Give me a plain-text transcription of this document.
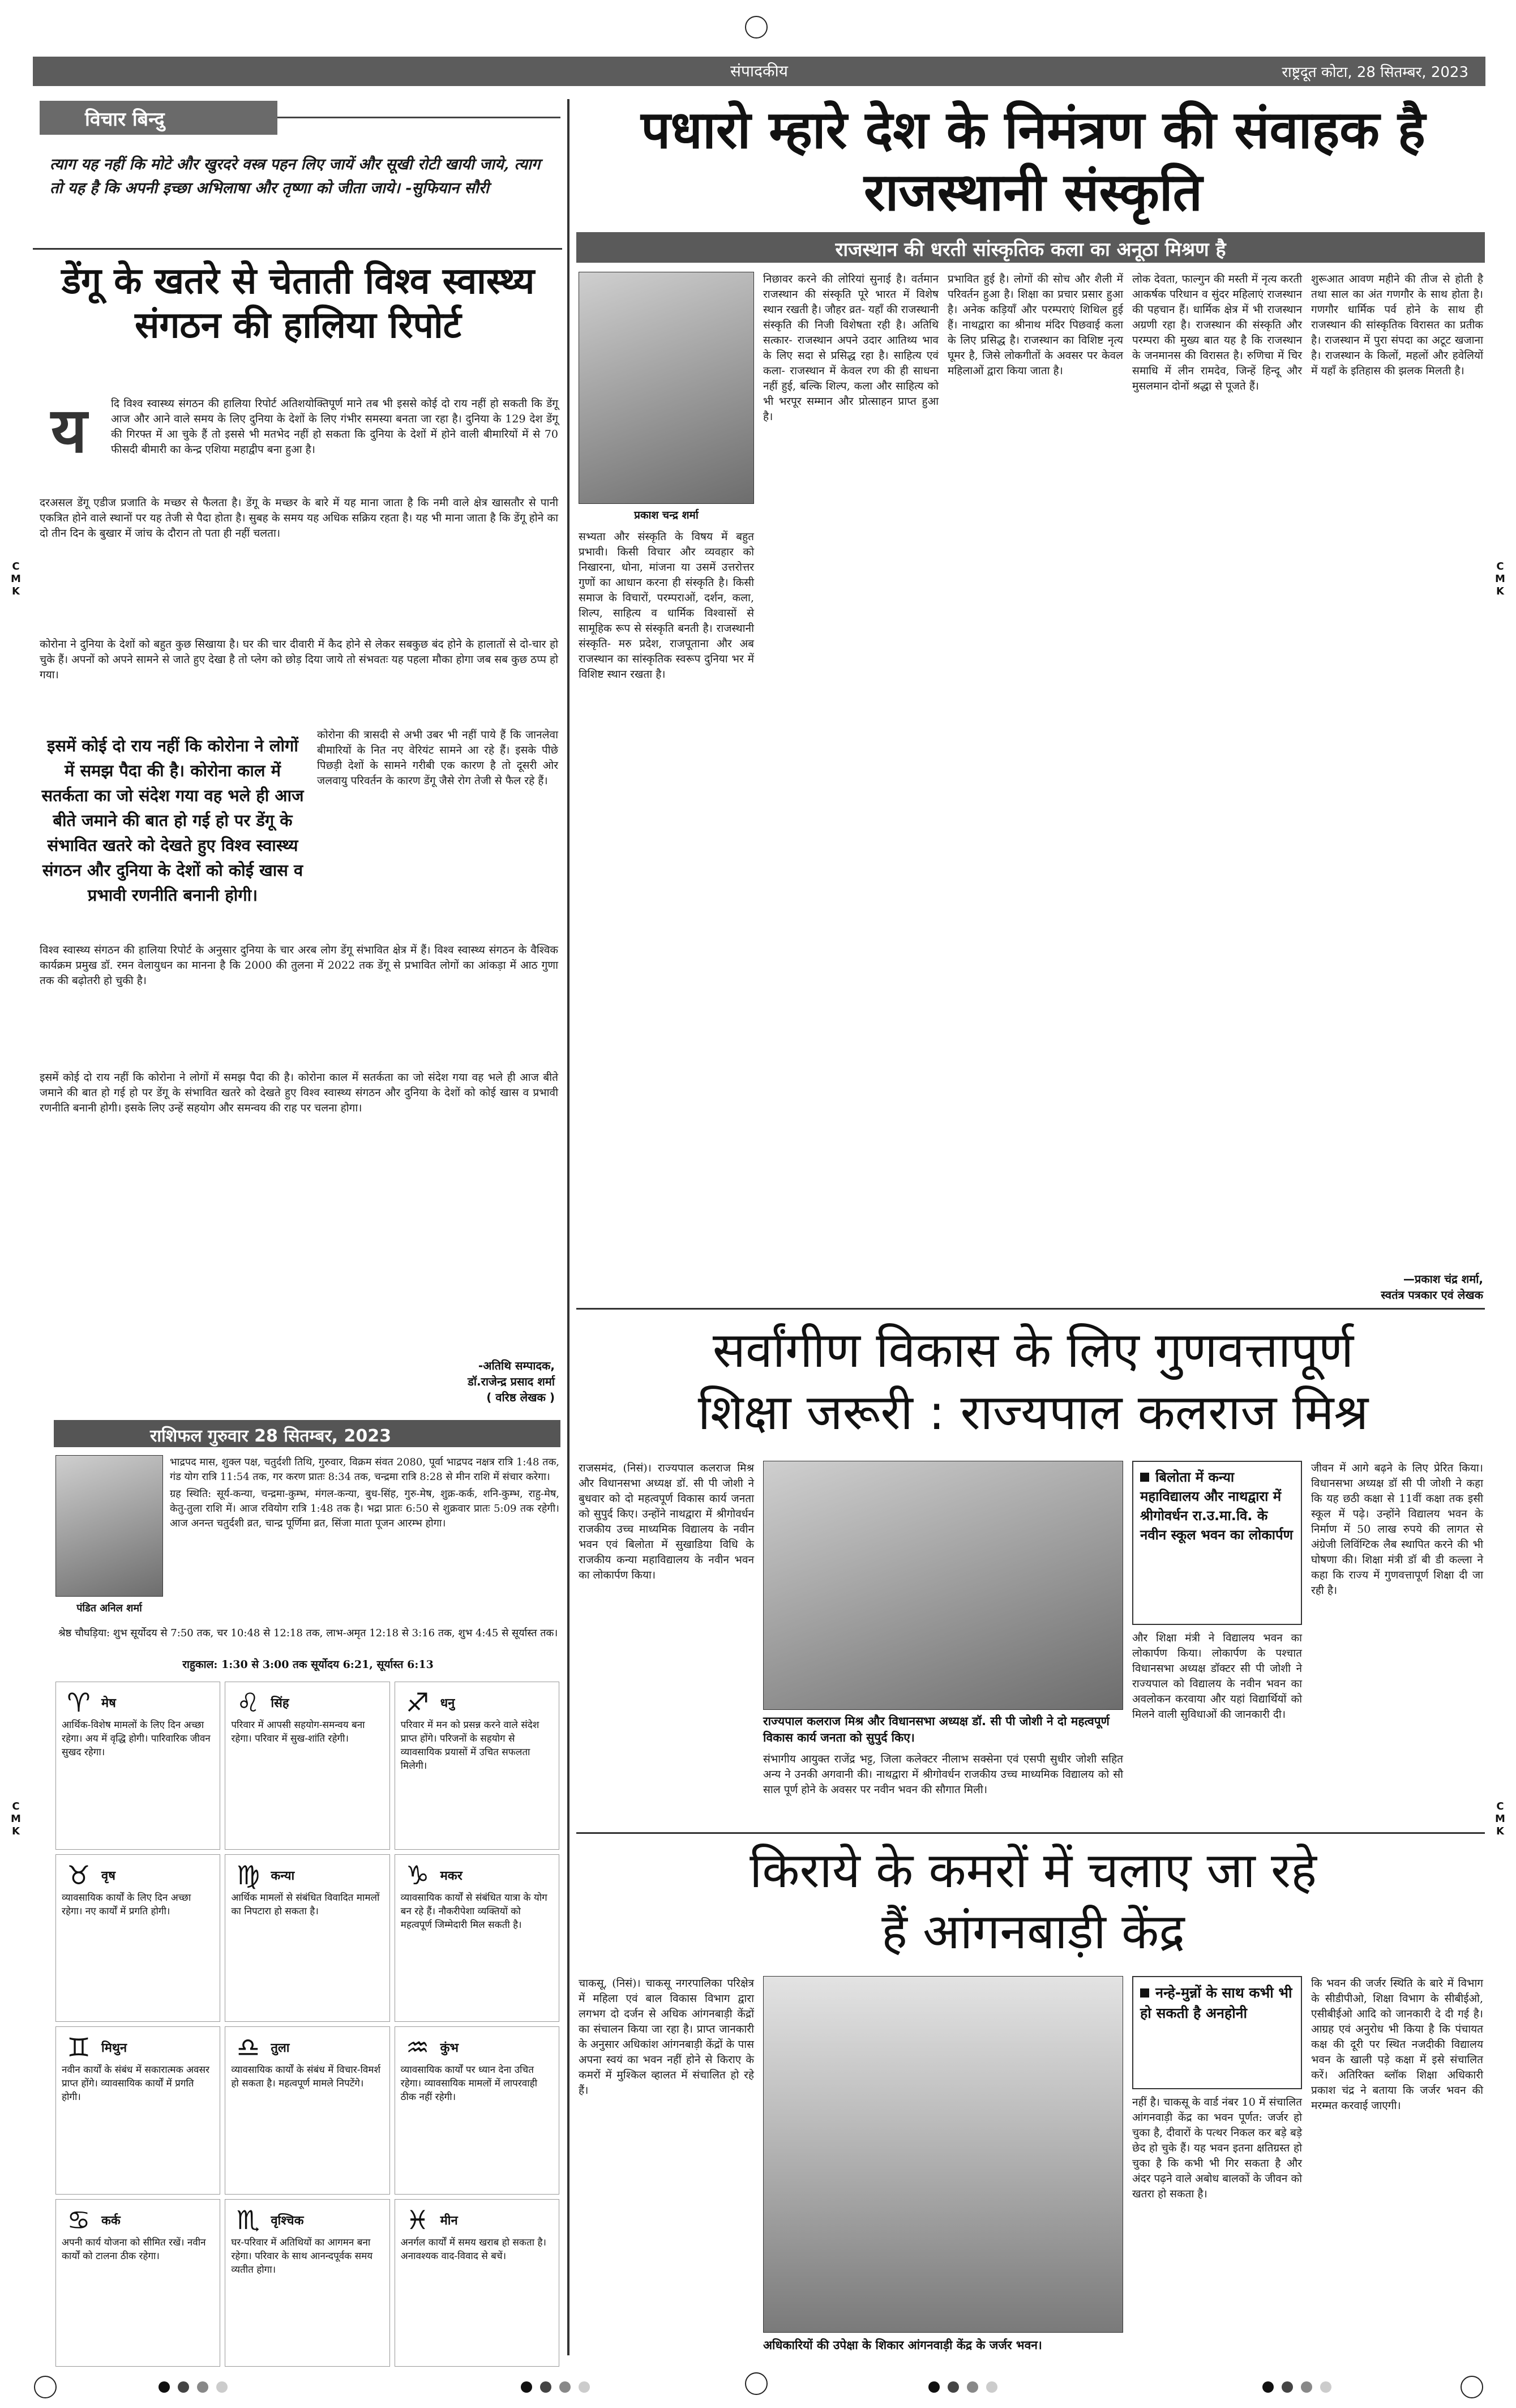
संपादकीय	राष्ट्रदूत कोटा, 28 सितम्बर, 2023
C
M
K
C
M
K
C
M
K
C
M
K
विचार बिन्दु
त्याग यह नहीं कि मोटे और खुरदरे वस्त्र पहन लिए जायें और सूखी रोटी खायी जाये, त्याग तो यह है कि अपनी इच्छा अभिलाषा और तृष्णा को जीता जाये। -सुफियान सौरी
डेंगू के खतरे से चेताती विश्व स्वास्थ्य संगठन की हालिया रिपोर्ट
य	दि विश्व स्वास्थ्य संगठन की हालिया रिपोर्ट अतिशयोक्तिपूर्ण माने तब भी इससे कोई दो राय नहीं हो सकती कि डेंगू आज और आने वाले समय के लिए दुनिया के देशों के लिए गंभीर समस्या बनता जा रहा है। दुनिया के 129 देश डेंगू की गिरफ्त में आ चुके हैं तो इससे भी मतभेद नहीं हो सकता कि दुनिया के देशों में होने वाली बीमारियों में से 70 फीसदी बीमारी का केन्द्र एशिया महाद्वीप बना हुआ है।
दरअसल डेंगू एडीज प्रजाति के मच्छर से फैलता है। डेंगू के मच्छर के बारे में यह माना जाता है कि नमी वाले क्षेत्र खासतौर से पानी एकत्रित होने वाले स्थानों पर यह तेजी से पैदा होता है। सुबह के समय यह अधिक सक्रिय रहता है। यह भी माना जाता है कि डेंगू होने का दो तीन दिन के बुखार में जांच के दौरान तो पता ही नहीं चलता।
कोरोना ने दुनिया के देशों को बहुत कुछ सिखाया है। घर की चार दीवारी में कैद होने से लेकर सबकुछ बंद होने के हालातों से दो-चार हो चुके हैं। अपनों को अपने सामने से जाते हुए देखा है तो प्लेग को छोड़ दिया जाये तो संभवतः यह पहला मौका होगा जब सब कुछ ठप्प हो गया।
इसमें कोई दो राय नहीं कि कोरोना ने लोगों में समझ पैदा की है। कोरोना काल में सतर्कता का जो संदेश गया वह भले ही आज बीते जमाने की बात हो गई हो पर डेंगू के संभावित खतरे को देखते हुए विश्व स्वास्थ्य संगठन और दुनिया के देशों को कोई खास व प्रभावी रणनीति बनानी होगी।
कोरोना की त्रासदी से अभी उबर भी नहीं पाये हैं कि जानलेवा बीमारियों के नित नए वेरियंट सामने आ रहे हैं। इसके पीछे पिछड़ी देशों के सामने गरीबी एक कारण है तो दूसरी ओर जलवायु परिवर्तन के कारण डेंगू जैसे रोग तेजी से फैल रहे हैं।
विश्व स्वास्थ्य संगठन की हालिया रिपोर्ट के अनुसार दुनिया के चार अरब लोग डेंगू संभावित क्षेत्र में हैं। विश्व स्वास्थ्य संगठन के वैश्विक कार्यक्रम प्रमुख डॉ. रमन वेलायुधन का मानना है कि 2000 की तुलना में 2022 तक डेंगू से प्रभावित लोगों का आंकड़ा में आठ गुणा तक की बढ़ोतरी हो चुकी है।
इसमें कोई दो राय नहीं कि कोरोना ने लोगों में समझ पैदा की है। कोरोना काल में सतर्कता का जो संदेश गया वह भले ही आज बीते जमाने की बात हो गई हो पर डेंगू के संभावित खतरे को देखते हुए विश्व स्वास्थ्य संगठन और दुनिया के देशों को कोई खास व प्रभावी रणनीति बनानी होगी। इसके लिए उन्हें सहयोग और समन्वय की राह पर चलना होगा।
-अतिथि सम्पादक,
डॉ.राजेन्द्र प्रसाद शर्मा
( वरिष्ठ लेखक )
राशिफल गुरुवार 28 सितम्बर, 2023
पंडित अनिल शर्मा
भाद्रपद मास, शुक्ल पक्ष, चतुर्दशी तिथि, गुरुवार, विक्रम संवत 2080, पूर्वा भाद्रपद नक्षत्र रात्रि 1:48 तक, गंड योग रात्रि 11:54 तक, गर करण प्रातः 8:34 तक, चन्द्रमा रात्रि 8:28 से मीन राशि में संचार करेगा।
ग्रह स्थिति: सूर्य-कन्या, चन्द्रमा-कुम्भ, मंगल-कन्या, बुध-सिंह, गुरु-मेष, शुक्र-कर्क, शनि-कुम्भ, राहु-मेष, केतु-तुला राशि में। आज रवियोग रात्रि 1:48 तक है। भद्रा प्रातः 6:50 से शुक्रवार प्रातः 5:09 तक रहेगी। आज अनन्त चतुर्दशी व्रत, चान्द्र पूर्णिमा व्रत, सिंजा माता पूजन आरम्भ होगा।
श्रेष्ठ चौघड़िया: शुभ सूर्योदय से 7:50 तक, चर 10:48 से 12:18 तक, लाभ-अमृत 12:18 से 3:16 तक, शुभ 4:45 से सूर्यास्त तक।
राहुकाल: 1:30 से 3:00 तक सूर्योदय 6:21, सूर्यास्त 6:13
♈ मेष
आर्थिक-विशेष मामलों के लिए दिन अच्छा रहेगा। अय में वृद्धि होगी। पारिवारिक जीवन सुखद रहेगा।
♌ सिंह
परिवार में आपसी सहयोग-समन्वय बना रहेगा। परिवार में सुख-शांति रहेगी।
♐ धनु
परिवार में मन को प्रसन्न करने वाले संदेश प्राप्त होंगे। परिजनों के सहयोग से व्यावसायिक प्रयासों में उचित सफलता मिलेगी।
♉ वृष
व्यावसायिक कार्यों के लिए दिन अच्छा रहेगा। नए कार्यों में प्रगति होगी।
♍ कन्या
आर्थिक मामलों से संबंधित विवादित मामलों का निपटारा हो सकता है।
♑ मकर
व्यावसायिक कार्यों से संबंधित यात्रा के योग बन रहे हैं। नौकरीपेशा व्यक्तियों को महत्वपूर्ण जिम्मेदारी मिल सकती है।
♊ मिथुन
नवीन कार्यों के संबंध में सकारात्मक अवसर प्राप्त होंगे। व्यावसायिक कार्यों में प्रगति होगी।
♎ तुला
व्यावसायिक कार्यों के संबंध में विचार-विमर्श हो सकता है। महत्वपूर्ण मामले निपटेंगे।
♒ कुंभ
व्यावसायिक कार्यों पर ध्यान देना उचित रहेगा। व्यावसायिक मामलों में लापरवाही ठीक नहीं रहेगी।
♋ कर्क
अपनी कार्य योजना को सीमित रखें। नवीन कार्यों को टालना ठीक रहेगा।
♏ वृश्चिक
घर-परिवार में अतिथियों का आगमन बना रहेगा। परिवार के साथ आनन्दपूर्वक समय व्यतीत होगा।
♓ मीन
अनर्गल कार्यों में समय खराब हो सकता है। अनावश्यक वाद-विवाद से बचें।
पधारो म्हारे देश के निमंत्रण की संवाहक है राजस्थानी संस्कृति
राजस्थान की धरती सांस्कृतिक कला का अनूठा मिश्रण है
प्रकाश चन्द्र शर्मा
सभ्यता और संस्कृति के विषय में बहुत प्रभावी। किसी विचार और व्यवहार को निखारना, धोना, मांजना या उसमें उत्तरोत्तर गुणों का आधान करना ही संस्कृति है। किसी समाज के विचारों, परम्पराओं, दर्शन, कला, शिल्प, साहित्य व धार्मिक विश्वासों से सामूहिक रूप से संस्कृति बनती है। राजस्थानी संस्कृति- मरु प्रदेश, राजपूताना और अब राजस्थान का सांस्कृतिक स्वरूप दुनिया भर में विशिष्ट स्थान रखता है।
निछावर करने की लोरियां सुनाई है। वर्तमान राजस्थान की संस्कृति पूरे भारत में विशेष स्थान रखती है। जौहर व्रत- यहाँ की राजस्थानी संस्कृति की निजी विशेषता रही है। अतिथि सत्कार- राजस्थान अपने उदार आतिथ्य भाव के लिए सदा से प्रसिद्ध रहा है। साहित्य एवं कला- राजस्थान में केवल रण की ही साधना नहीं हुई, बल्कि शिल्प, कला और साहित्य को भी भरपूर सम्मान और प्रोत्साहन प्राप्त हुआ है।
प्रभावित हुई है। लोगों की सोच और शैली में परिवर्तन हुआ है। शिक्षा का प्रचार प्रसार हुआ है। अनेक कड़ियाँ और परम्पराएं शिथिल हुई हैं। नाथद्वारा का श्रीनाथ मंदिर पिछवाई कला के लिए प्रसिद्ध है। राजस्थान का विशिष्ट नृत्य घूमर है, जिसे लोकगीतों के अवसर पर केवल महिलाओं द्वारा किया जाता है।
लोक देवता, फाल्गुन की मस्ती में नृत्य करती आकर्षक परिधान व सुंदर महिलाएं राजस्थान की पहचान हैं। धार्मिक क्षेत्र में भी राजस्थान अग्रणी रहा है। राजस्थान की संस्कृति और परम्परा की मुख्य बात यह है कि राजस्थान के जनमानस की विरासत है। रुणिचा में चिर समाधि में लीन रामदेव, जिन्हें हिन्दू और मुसलमान दोनों श्रद्धा से पूजते हैं।
शुरूआत आवण महीने की तीज से होती है तथा साल का अंत गणगौर के साथ होता है। गणगौर धार्मिक पर्व होने के साथ ही राजस्थान की सांस्कृतिक विरासत का प्रतीक है। राजस्थान में पुरा संपदा का अटूट खजाना है। राजस्थान के किलों, महलों और हवेलियों में यहाँ के इतिहास की झलक मिलती है।
—प्रकाश चंद्र शर्मा,
स्वतंत्र पत्रकार एवं लेखक
सर्वांगीण विकास के लिए गुणवत्तापूर्ण
शिक्षा जरूरी : राज्यपाल कलराज मिश्र
राजसमंद, (निसं)। राज्यपाल कलराज मिश्र और विधानसभा अध्यक्ष डॉ. सी पी जोशी ने बुधवार को दो महत्वपूर्ण विकास कार्य जनता को सुपुर्द किए। उन्होंने नाथद्वारा में श्रीगोवर्धन राजकीय उच्च माध्यमिक विद्यालय के नवीन भवन एवं बिलोता में सुखाडिया विधि के राजकीय कन्या महाविद्यालय के नवीन भवन का लोकार्पण किया।
राज्यपाल कलराज मिश्र और विधानसभा अध्यक्ष डॉ. सी पी जोशी ने दो महत्वपूर्ण विकास कार्य जनता को सुपुर्द किए।
संभागीय आयुक्त राजेंद्र भट्ट, जिला कलेक्टर नीलाभ सक्सेना एवं एसपी सुधीर जोशी सहित अन्य ने उनकी अगवानी की। नाथद्वारा में श्रीगोवर्धन राजकीय उच्च माध्यमिक विद्यालय को सौ साल पूर्ण होने के अवसर पर नवीन भवन की सौगात मिली।
बिलोता में कन्या महाविद्यालय और नाथद्वारा में श्रीगोवर्धन रा.उ.मा.वि. के नवीन स्कूल भवन का लोकार्पण
और शिक्षा मंत्री ने विद्यालय भवन का लोकार्पण किया। लोकार्पण के पश्चात विधानसभा अध्यक्ष डॉक्टर सी पी जोशी ने राज्यपाल को विद्यालय के नवीन भवन का अवलोकन करवाया और यहां विद्यार्थियों को मिलने वाली सुविधाओं की जानकारी दी।
जीवन में आगे बढ़ने के लिए प्रेरित किया। विधानसभा अध्यक्ष डॉ सी पी जोशी ने कहा कि यह छठी कक्षा से 11वीं कक्षा तक इसी स्कूल में पढ़े। उन्होंने विद्यालय भवन के निर्माण में 50 लाख रुपये की लागत से अंग्रेजी लिविंग्टिक लैब स्थापित करने की भी घोषणा की। शिक्षा मंत्री डॉ बी डी कल्ला ने कहा कि राज्य में गुणवत्तापूर्ण शिक्षा दी जा रही है।
किराये के कमरों में चलाए जा रहे
हैं आंगनबाड़ी केंद्र
चाकसू, (निसं)। चाकसू नगरपालिका परिक्षेत्र में महिला एवं बाल विकास विभाग द्वारा लगभग दो दर्जन से अधिक आंगनबाड़ी केंद्रों का संचालन किया जा रहा है। प्राप्त जानकारी के अनुसार अधिकांश आंगनबाड़ी केंद्रों के पास अपना स्वयं का भवन नहीं होने से किराए के कमरों में मुश्किल व्हालत में संचालित हो रहे हैं।
अधिकारियों की उपेक्षा के शिकार आंगनवाड़ी केंद्र के जर्जर भवन।
नन्हे-मुन्नों के साथ कभी भी हो सकती है अनहोनी
नहीं है। चाकसू के वार्ड नंबर 10 में संचालित आंगनवाड़ी केंद्र का भवन पूर्णत: जर्जर हो चुका है, दीवारों के पत्थर निकल कर बड़े बड़े छेद हो चुके हैं। यह भवन इतना क्षतिग्रस्त हो चुका है कि कभी भी गिर सकता है और अंदर पढ़ने वाले अबोध बालकों के जीवन को खतरा हो सकता है।
कि भवन की जर्जर स्थिति के बारे में विभाग के सीडीपीओ, शिक्षा विभाग के सीबीईओ, एसीबीईओ आदि को जानकारी दे दी गई है। आग्रह एवं अनुरोध भी किया है कि पंचायत कक्ष की दूरी पर स्थित नजदीकी विद्यालय भवन के खाली पड़े कक्षा में इसे संचालित करें। अतिरिक्त ब्लॉक शिक्षा अधिकारी प्रकाश चंद्र ने बताया कि जर्जर भवन की मरम्मत करवाई जाएगी।
